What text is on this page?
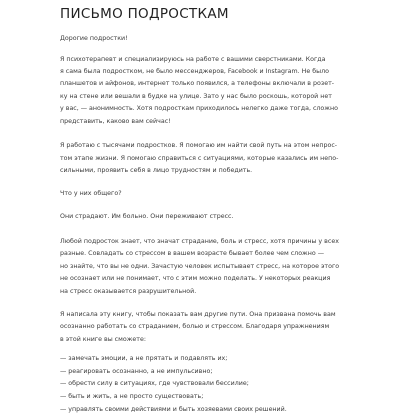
ПИСЬМО ПОДРОСТКАМ
Дорогие подростки!
Я психотерапевт и специализируюсь на работе с вашими сверстниками. Когда
я сама была подростком, не было мессенджеров, Facebook и Instagram. Не было
планшетов и айфонов, интернет только появился, а телефоны включали в розет-
ку на стене или вешали в будке на улице. Зато у нас было роскошь, которой нет
у вас, — анонимность. Хотя подросткам приходилось нелегко даже тогда, сложно
представить, каково вам сейчас!
Я работаю с тысячами подростков. Я помогаю им найти свой путь на этом непрос-
том этапе жизни. Я помогаю справиться с ситуациями, которые казались им непо-
сильными, проявить себя в лицо трудностям и победить.
Что у них общего?
Они страдают. Им больно. Они переживают стресс.
Любой подросток знает, что значат страдание, боль и стресс, хотя причины у всех
разные. Совладать со стрессом в вашем возрасте бывает более чем сложно —
но знайте, что вы не одни. Зачастую человек испытывает стресс, на которое этого
не осознает или не понимает, что с этим можно поделать. У некоторых реакция
на стресс оказывается разрушительной.
Я написала эту книгу, чтобы показать вам другие пути. Она призвана помочь вам
осознанно работать со страданием, болью и стрессом. Благодаря упражнениям
в этой книге вы сможете:
— замечать эмоции, а не прятать и подавлять их;
— реагировать осознанно, а не импульсивно;
— обрести силу в ситуациях, где чувствовали бессилие;
— быть и жить, а не просто существовать;
— управлять своими действиями и быть хозяевами своих решений.
